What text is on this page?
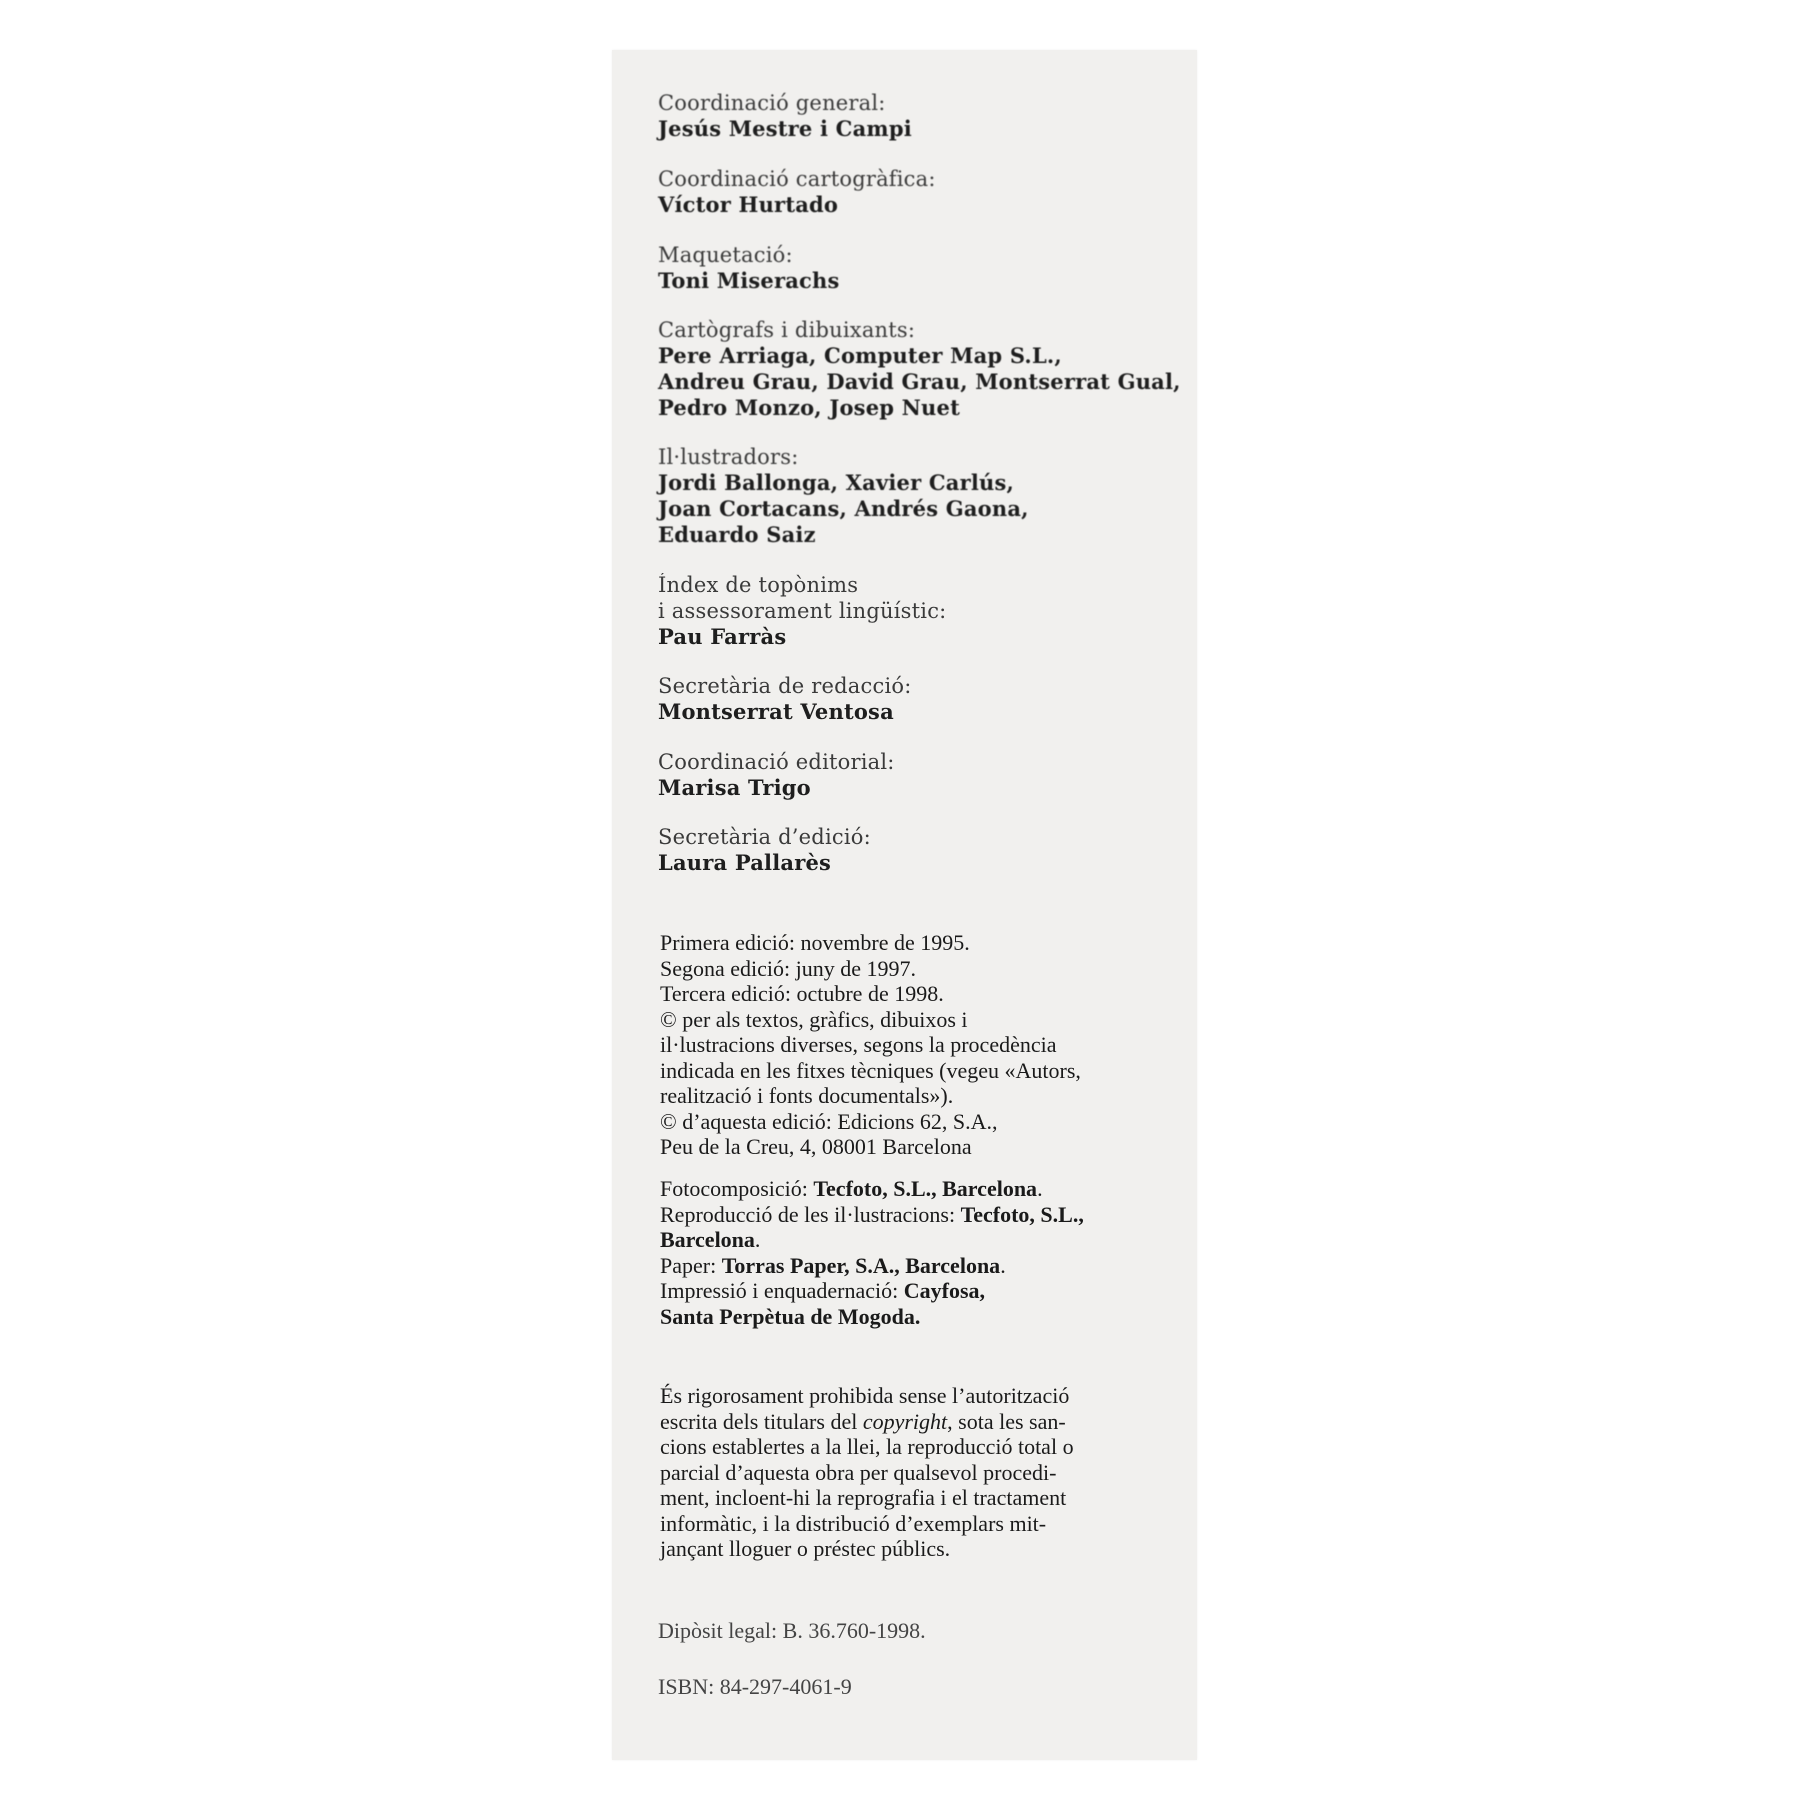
Coordinació general:
Jesús Mestre i Campi
Coordinació cartogràfica:
Víctor Hurtado
Maquetació:
Toni Miserachs
Cartògrafs i dibuixants:
Pere Arriaga, Computer Map S.L.,
Andreu Grau, David Grau, Montserrat Gual,
Pedro Monzo, Josep Nuet
Il·lustradors:
Jordi Ballonga, Xavier Carlús,
Joan Cortacans, Andrés Gaona,
Eduardo Saiz
Índex de topònims
i assessorament lingüístic:
Pau Farràs
Secretària de redacció:
Montserrat Ventosa
Coordinació editorial:
Marisa Trigo
Secretària d’edició:
Laura Pallarès
Primera edició: novembre de 1995.
Segona edició: juny de 1997.
Tercera edició: octubre de 1998.
© per als textos, gràfics, dibuixos i
il·lustracions diverses, segons la procedència
indicada en les fitxes tècniques (vegeu «Autors,
realització i fonts documentals»).
© d’aquesta edició: Edicions 62, S.A.,
Peu de la Creu, 4, 08001 Barcelona
Fotocomposició: Tecfoto, S.L., Barcelona.
Reproducció de les il·lustracions: Tecfoto, S.L.,
Barcelona.
Paper: Torras Paper, S.A., Barcelona.
Impressió i enquadernació: Cayfosa,
Santa Perpètua de Mogoda.
És rigorosament prohibida sense l’autorització
escrita dels titulars del copyright, sota les san-
cions establertes a la llei, la reproducció total o
parcial d’aquesta obra per qualsevol procedi-
ment, incloent-hi la reprografia i el tractament
informàtic, i la distribució d’exemplars mit-
jançant lloguer o préstec públics.
Dipòsit legal: B. 36.760-1998.
ISBN: 84-297-4061-9
